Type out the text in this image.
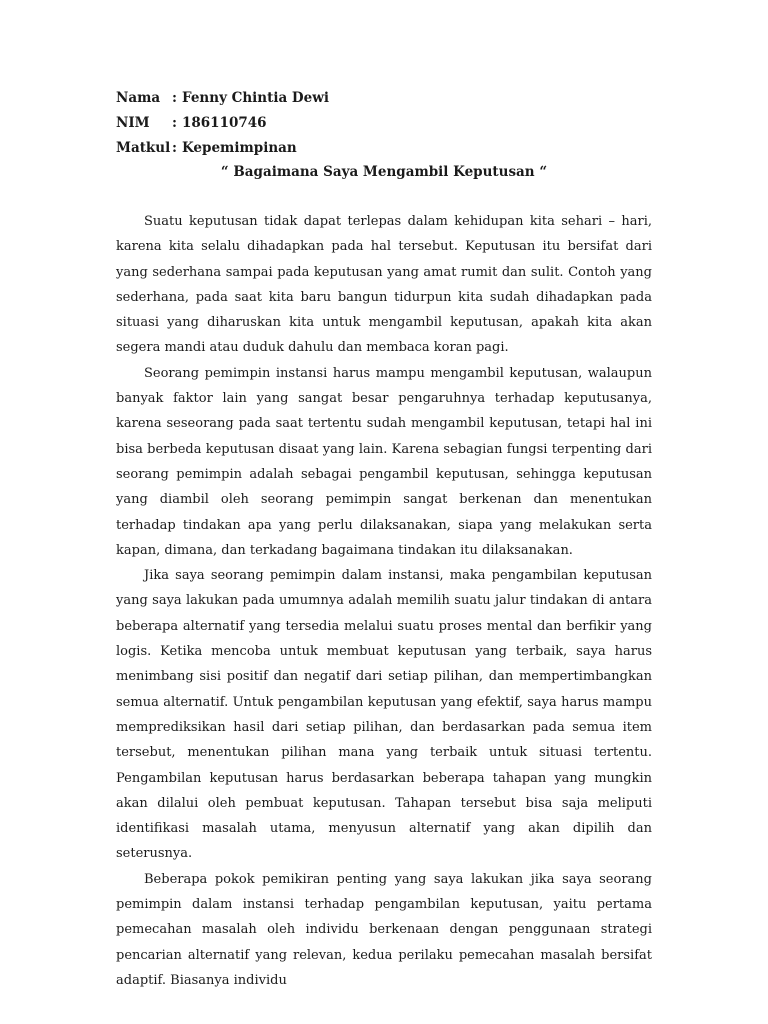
Nama : Fenny Chintia Dewi
NIM	: 186110746
Matkul : Kepemimpinan
“ Bagaimana Saya Mengambil Keputusan “

Suatu keputusan tidak dapat terlepas dalam kehidupan kita sehari – hari, karena kita selalu dihadapkan pada hal tersebut. Keputusan itu bersifat dari yang sederhana sampai pada keputusan yang amat rumit dan sulit. Contoh yang sederhana, pada saat kita baru bangun tidurpun kita sudah dihadapkan pada situasi yang diharuskan kita untuk mengambil keputusan, apakah kita akan segera mandi atau duduk dahulu dan membaca koran pagi.

Seorang pemimpin instansi harus mampu mengambil keputusan, walaupun banyak faktor lain yang sangat besar pengaruhnya terhadap keputusanya, karena seseorang pada saat tertentu sudah mengambil keputusan, tetapi hal ini bisa berbeda keputusan disaat yang lain. Karena sebagian fungsi terpenting dari seorang pemimpin adalah sebagai pengambil keputusan, sehingga keputusan yang diambil oleh seorang pemimpin sangat berkenan dan menentukan terhadap tindakan apa yang perlu dilaksanakan, siapa yang melakukan serta kapan, dimana, dan terkadang bagaimana tindakan itu dilaksanakan.

Jika saya seorang pemimpin dalam instansi, maka pengambilan keputusan yang saya lakukan pada umumnya adalah memilih suatu jalur tindakan di antara beberapa alternatif yang tersedia melalui suatu proses mental dan berfikir yang logis. Ketika mencoba untuk membuat keputusan yang terbaik, saya harus menimbang sisi positif dan negatif dari setiap pilihan, dan mempertimbangkan semua alternatif. Untuk pengambilan keputusan yang efektif, saya harus mampu memprediksikan hasil dari setiap pilihan, dan berdasarkan pada semua item tersebut, menentukan pilihan mana yang terbaik untuk situasi tertentu. Pengambilan keputusan harus berdasarkan beberapa tahapan yang mungkin akan dilalui oleh pembuat keputusan. Tahapan tersebut bisa saja meliputi identifikasi masalah utama, menyusun alternatif yang akan dipilih dan seterusnya.

Beberapa pokok pemikiran penting yang saya lakukan jika saya seorang pemimpin dalam instansi terhadap pengambilan keputusan, yaitu pertama pemecahan masalah oleh individu berkenaan dengan penggunaan strategi pencarian alternatif yang relevan, kedua perilaku pemecahan masalah bersifat adaptif. Biasanya individu
